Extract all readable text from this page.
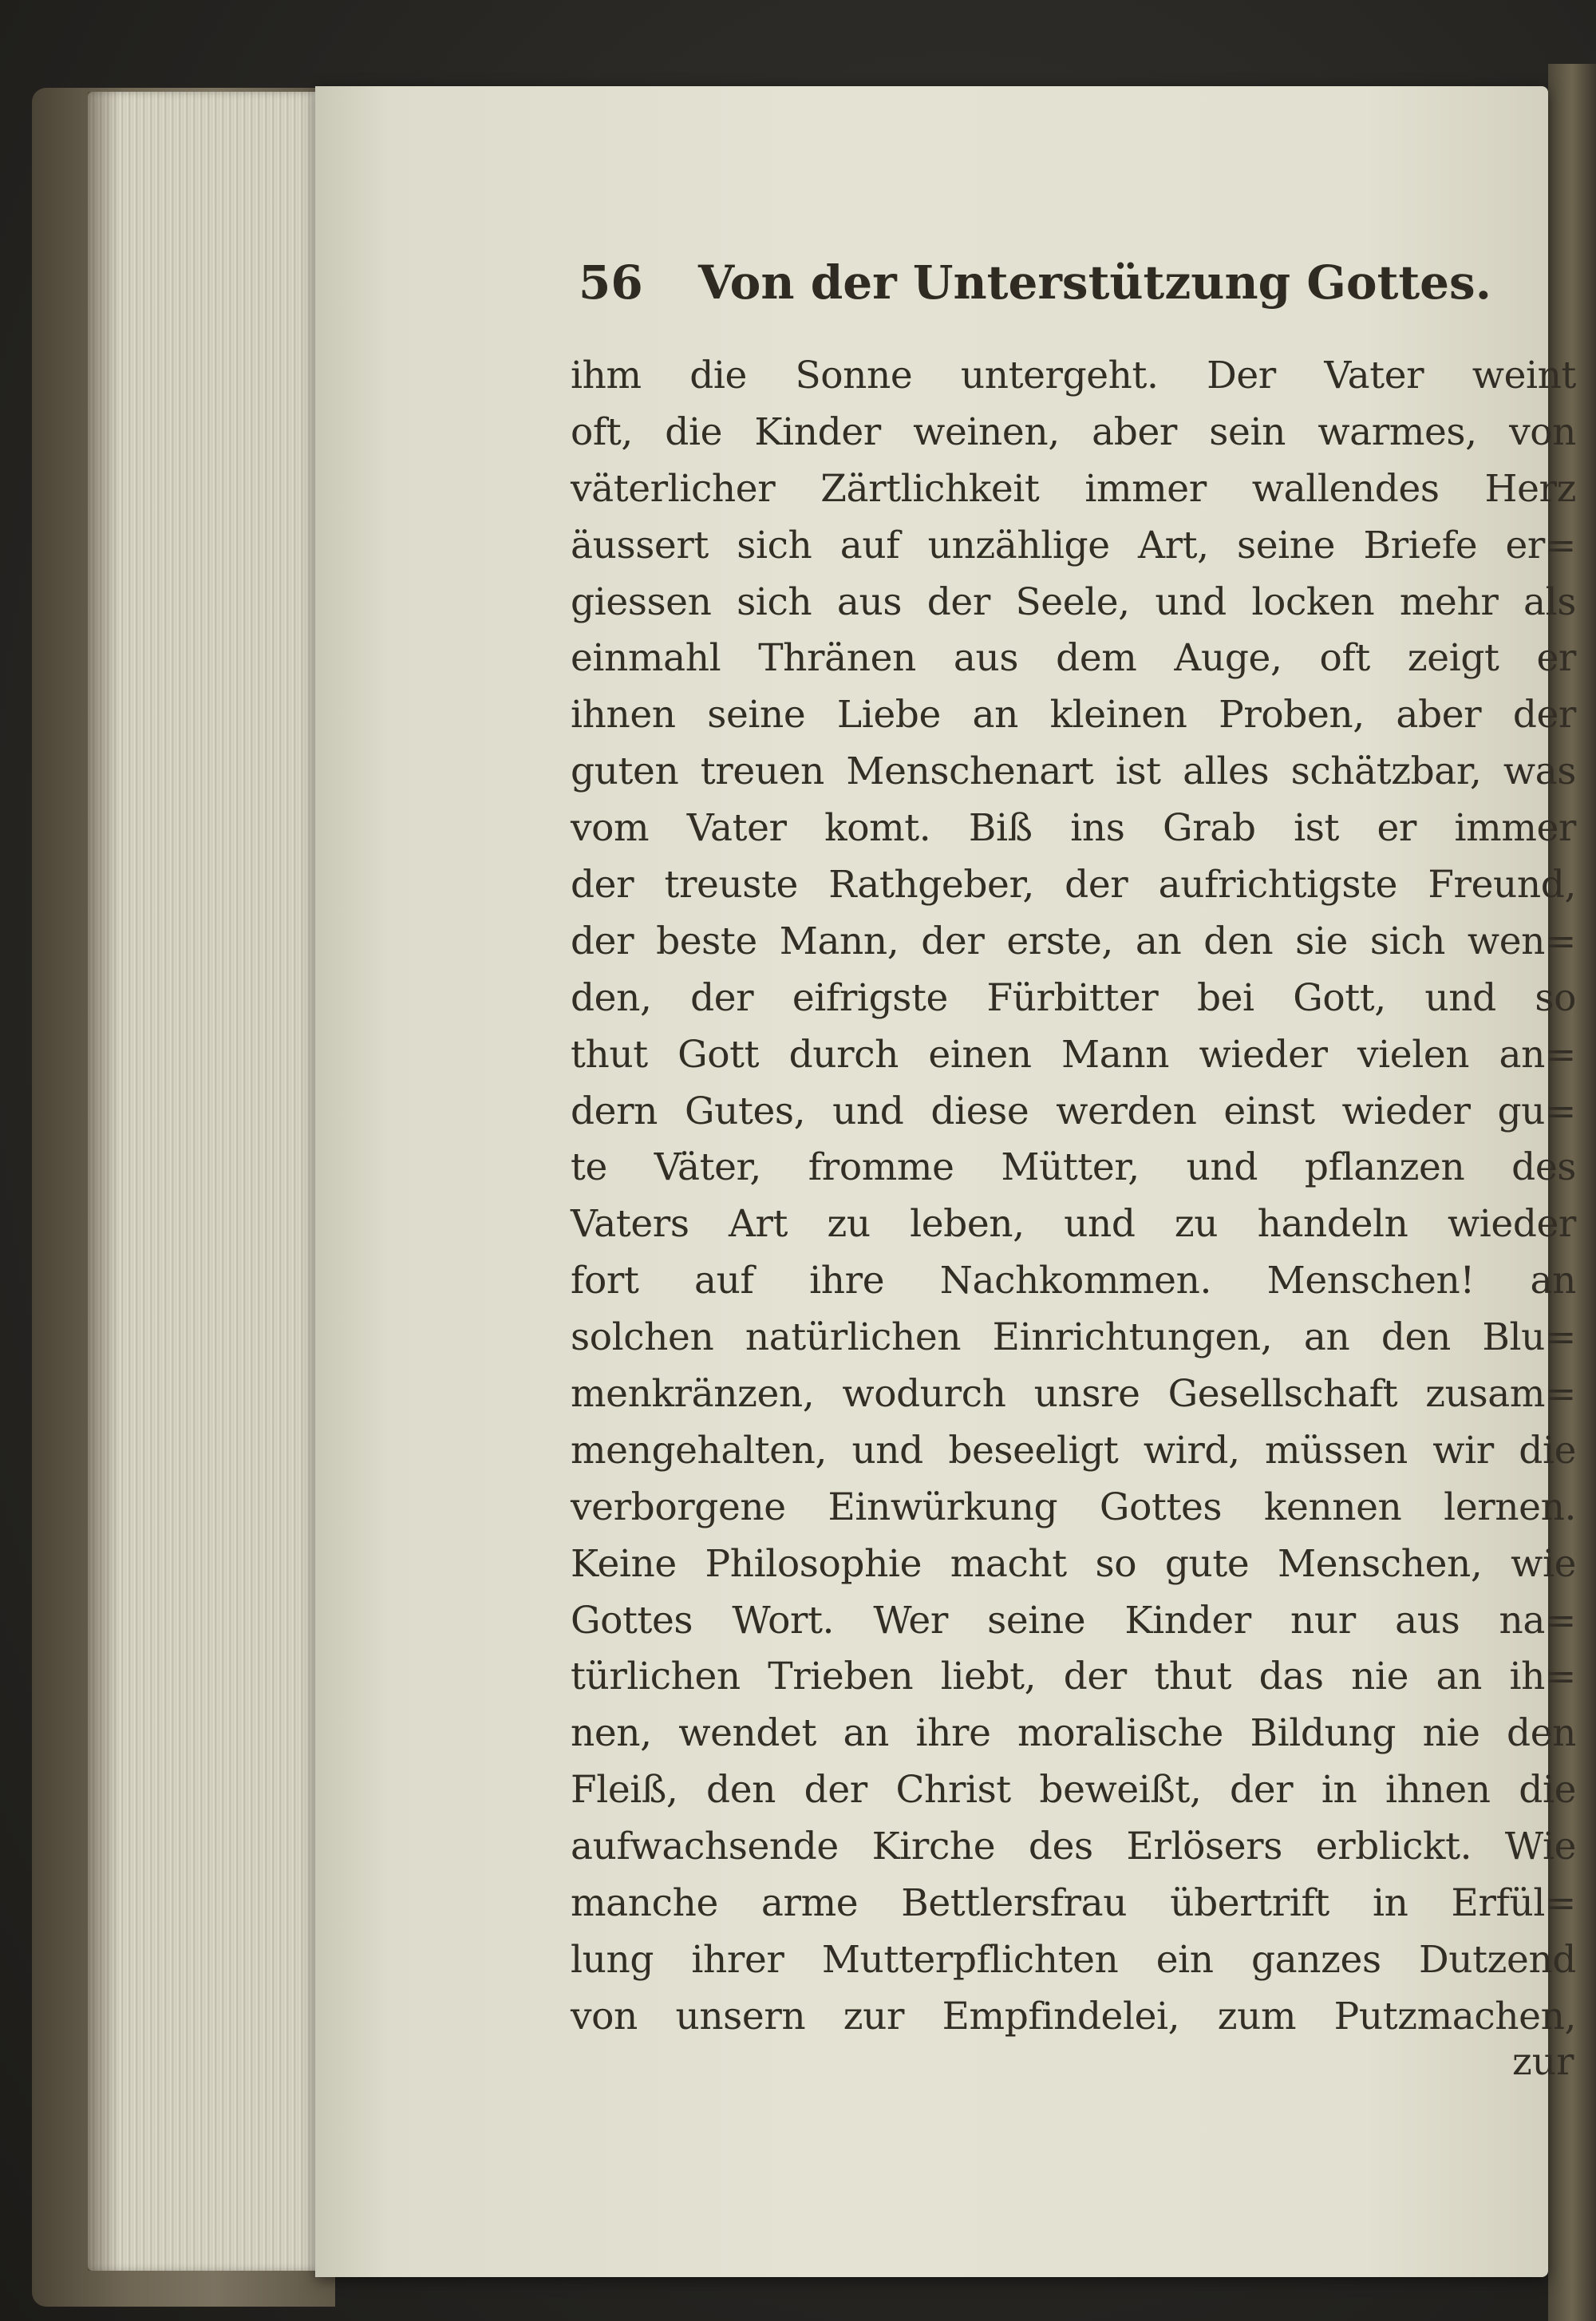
56 Von der Unterstützung Gottes.
ihm die Sonne untergeht. Der Vater weint
oft, die Kinder weinen, aber sein warmes, von
väterlicher Zärtlichkeit immer wallendes Herz
äussert sich auf unzählige Art, seine Briefe er=
giessen sich aus der Seele, und locken mehr als
einmahl Thränen aus dem Auge, oft zeigt er
ihnen seine Liebe an kleinen Proben, aber der
guten treuen Menschenart ist alles schätzbar, was
vom Vater komt. Biß ins Grab ist er immer
der treuste Rathgeber, der aufrichtigste Freund,
der beste Mann, der erste, an den sie sich wen=
den, der eifrigste Fürbitter bei Gott, und so
thut Gott durch einen Mann wieder vielen an=
dern Gutes, und diese werden einst wieder gu=
te Väter, fromme Mütter, und pflanzen des
Vaters Art zu leben, und zu handeln wieder
fort auf ihre Nachkommen. Menschen! an
solchen natürlichen Einrichtungen, an den Blu=
menkränzen, wodurch unsre Gesellschaft zusam=
mengehalten, und beseeligt wird, müssen wir die
verborgene Einwürkung Gottes kennen lernen.
Keine Philosophie macht so gute Menschen, wie
Gottes Wort. Wer seine Kinder nur aus na=
türlichen Trieben liebt, der thut das nie an ih=
nen, wendet an ihre moralische Bildung nie den
Fleiß, den der Christ beweißt, der in ihnen die
aufwachsende Kirche des Erlösers erblickt. Wie
manche arme Bettlersfrau übertrift in Erfül=
lung ihrer Mutterpflichten ein ganzes Dutzend
von unsern zur Empfindelei, zum Putzmachen,
zur
